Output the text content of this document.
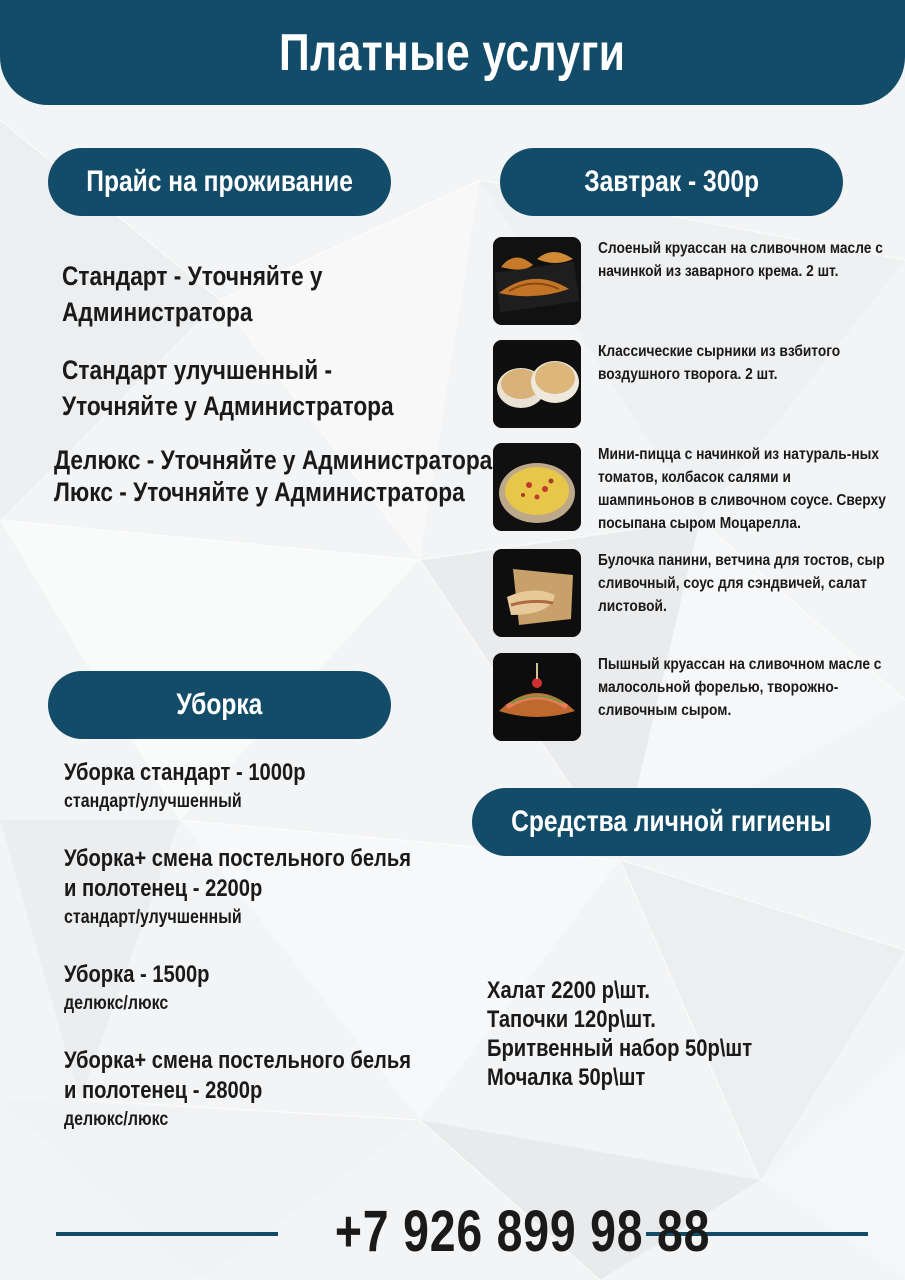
Платные услуги
Прайс на проживание	Завтрак - 300р
Уборка
Средства личной гигиены
Стандарт - Уточняйте у
Администратора
Стандарт улучшенный -
Уточняйте у Администратора
Делюкс - Уточняйте у Администратора
Люкс - Уточняйте у Администратора
Слоеный круассан на сливочном масле с начинкой из заварного крема. 2 шт.
Классические сырники из взбитого воздушного творога. 2 шт.
Мини-пицца с начинкой из натураль-ных томатов, колбасок салями и шампиньонов в сливочном соусе. Сверху посыпана сыром Моцарелла.
Булочка панини, ветчина для тостов, сыр сливочный, соус для сэндвичей, салат листовой.
Пышный круассан на сливочном масле с малосольной форелью, творожно-сливочным сыром.
Уборка стандарт - 1000р
стандарт/улучшенный
Уборка+ смена постельного белья
и полотенец - 2200р
стандарт/улучшенный
Уборка - 1500р
делюкс/люкс
Уборка+ смена постельного белья
и полотенец - 2800р
делюкс/люкс
Халат 2200 р\шт.
Тапочки 120р\шт.
Бритвенный набор 50р\шт
Мочалка 50р\шт
+7 926 899 98 88
